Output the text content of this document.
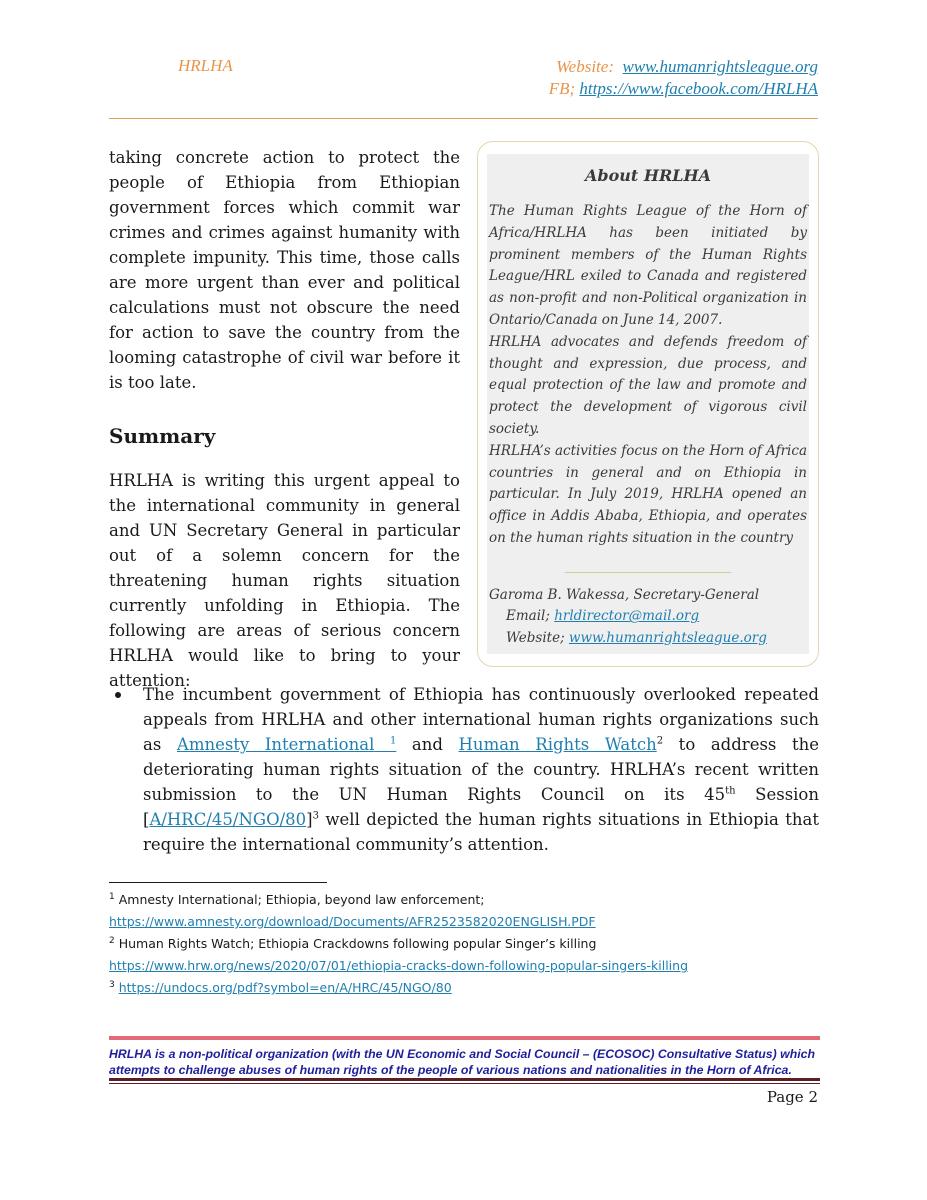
HRLHA	Website: www.humanrightsleague.org
FB; https://www.facebook.com/HRLHA
taking concrete action to protect the people of Ethiopia from Ethiopian government forces which commit war crimes and crimes against humanity with complete impunity. This time, those calls are more urgent than ever and political calculations must not obscure the need for action to save the country from the looming catastrophe of civil war before it is too late.
Summary
HRLHA is writing this urgent appeal to the international community in general and UN Secretary General in particular out of a solemn concern for the threatening human rights situation currently unfolding in Ethiopia. The following are areas of serious concern HRLHA would like to bring to your attention:
About HRLHA

The Human Rights League of the Horn of Africa/HRLHA has been initiated by prominent members of the Human Rights League/HRL exiled to Canada and registered as non-profit and non-Political organization in Ontario/Canada on June 14, 2007.

HRLHA advocates and defends freedom of thought and expression, due process, and equal protection of the law and promote and protect the development of vigorous civil society.

HRLHA’s activities focus on the Horn of Africa countries in general and on Ethiopia in particular. In July 2019, HRLHA opened an office in Addis Ababa, Ethiopia, and operates on the human rights situation in the country

Garoma B. Wakessa, Secretary-General
Email; hrldirector@mail.org
Website; www.humanrightsleague.org
The incumbent government of Ethiopia has continuously overlooked repeated appeals from HRLHA and other international human rights organizations such as Amnesty International $^1$ and Human Rights Watch$^2$ to address the deteriorating human rights situation of the country. HRLHA’s recent written submission to the UN Human Rights Council on its 45th Session $[A/HRC/45/NGO/80]^3$ well depicted the human rights situations in Ethiopia that require the international community’s attention.
$^1$ Amnesty International; Ethiopia, beyond law enforcement;
https://www.amnesty.org/download/Documents/AFR2523582020ENGLISH.PDF
$^2$ Human Rights Watch; Ethiopia Crackdowns following popular Singer’s killing
https://www.hrw.org/news/2020/07/01/ethiopia-cracks-down-following-popular-singers-killing
$^3$ https://undocs.org/pdf?symbol=en/A/HRC/45/NGO/80
HRLHA is a non-political organization (with the UN Economic and Social Council – (ECOSOC) Consultative Status) which attempts to challenge abuses of human rights of the people of various nations and nationalities in the Horn of Africa.
Page 2
